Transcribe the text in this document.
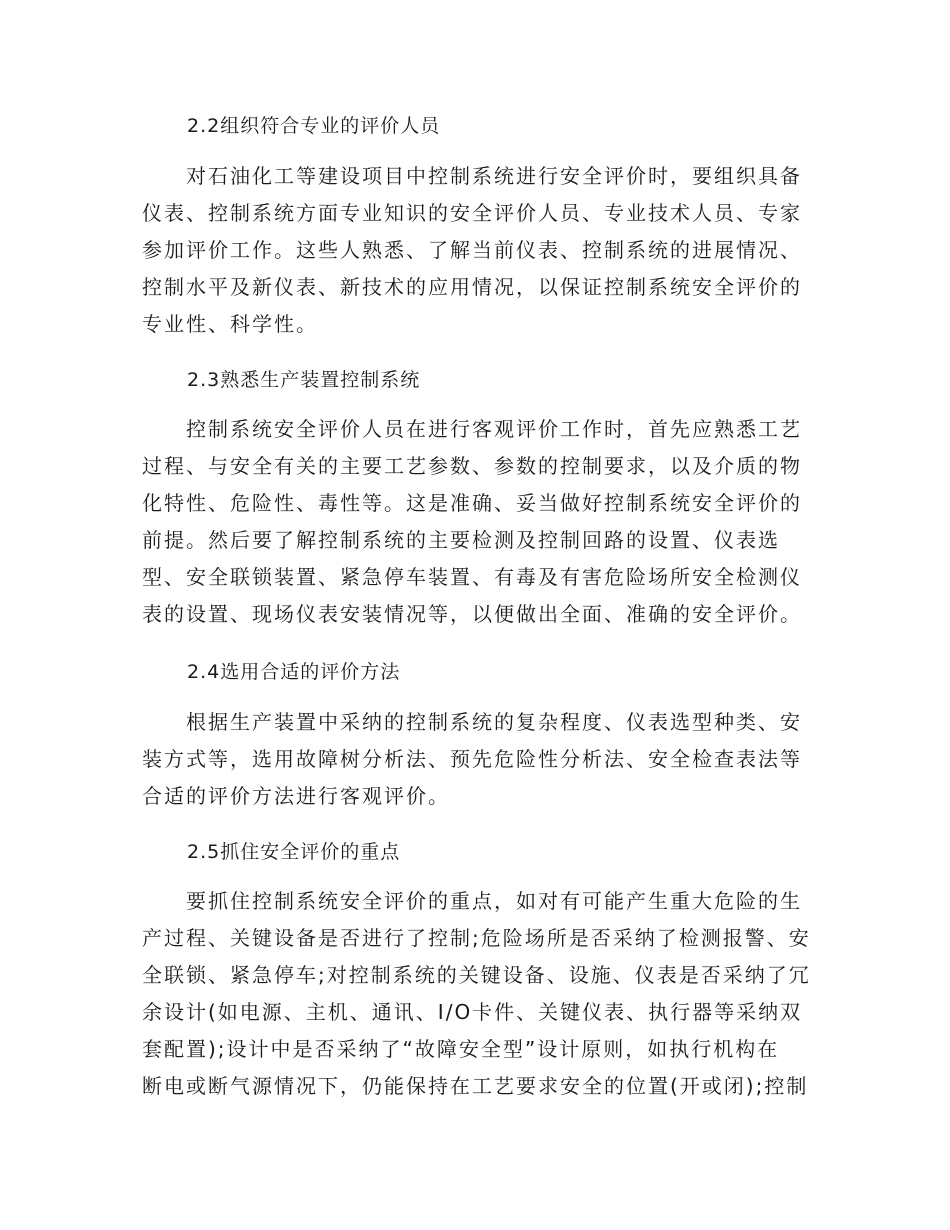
2.2组织符合专业的评价人员
对石油化工等建设项目中控制系统进行安全评价时，要组织具备
仪表、控制系统方面专业知识的安全评价人员、专业技术人员、专家
参加评价工作。这些人熟悉、了解当前仪表、控制系统的进展情况、
控制水平及新仪表、新技术的应用情况，以保证控制系统安全评价的
专业性、科学性。
2.3熟悉生产装置控制系统
控制系统安全评价人员在进行客观评价工作时，首先应熟悉工艺
过程、与安全有关的主要工艺参数、参数的控制要求，以及介质的物
化特性、危险性、毒性等。这是准确、妥当做好控制系统安全评价的
前提。然后要了解控制系统的主要检测及控制回路的设置、仪表选
型、安全联锁装置、紧急停车装置、有毒及有害危险场所安全检测仪
表的设置、现场仪表安装情况等，以便做出全面、准确的安全评价。
2.4选用合适的评价方法
根据生产装置中采纳的控制系统的复杂程度、仪表选型种类、安
装方式等，选用故障树分析法、预先危险性分析法、安全检查表法等
合适的评价方法进行客观评价。
2.5抓住安全评价的重点
要抓住控制系统安全评价的重点，如对有可能产生重大危险的生
产过程、关键设备是否进行了控制;危险场所是否采纳了检测报警、安
全联锁、紧急停车;对控制系统的关键设备、设施、仪表是否采纳了冗
余设计(如电源、主机、通讯、I/O卡件、关键仪表、执行器等采纳双
套配置);设计中是否采纳了“故障安全型”设计原则，如执行机构在
断电或断气源情况下，仍能保持在工艺要求安全的位置(开或闭);控制
